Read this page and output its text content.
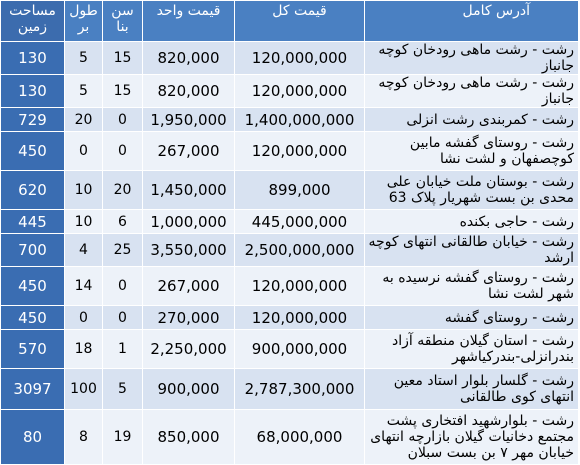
آدرس کامل	قیمت کل	قیمت واحد	سن بنا	طول بر	مساحت زمین
رشت - رشت ماهی رودخان کوچه جانباز	120,000,000	820,000	15	5	130
رشت - رشت ماهی رودخان کوچه جانباز	120,000,000	820,000	15	5	130
رشت - کمربندی رشت انزلی	1,400,000,000	1,950,000	0	20	729
رشت - روستای گفشه مابین کوچصفهان و لشت نشا	120,000,000	267,000	0	0	450
رشت - بوستان ملت خیابان علی محدی بن بست شهریار پلاک 63	899,000	1,450,000	20	10	620
رشت - حاجی بکنده	445,000,000	1,000,000	6	10	445
رشت - خیابان طالقانی انتهای کوچه ارشد	2,500,000,000	3,550,000	25	4	700
رشت - روستای گفشه نرسیده به شهر لشت نشا	120,000,000	267,000	0	14	450
رشت - روستای گفشه	120,000,000	270,000	0	0	450
رشت - استان گیلان منطقه آزاد بندرانزلی-بندرکیاشهر	900,000,000	2,250,000	1	18	570
رشت - گلسار بلوار استاد معین انتهای کوی طالقانی	2,787,300,000	900,000	5	100	3097
رشت - بلوارشهید افتخاری پشت مجتمع دخانیات گیلان بازارچه انتهای خیابان مهر ۷ بن بست سبلان	68,000,000	850,000	19	8	80
